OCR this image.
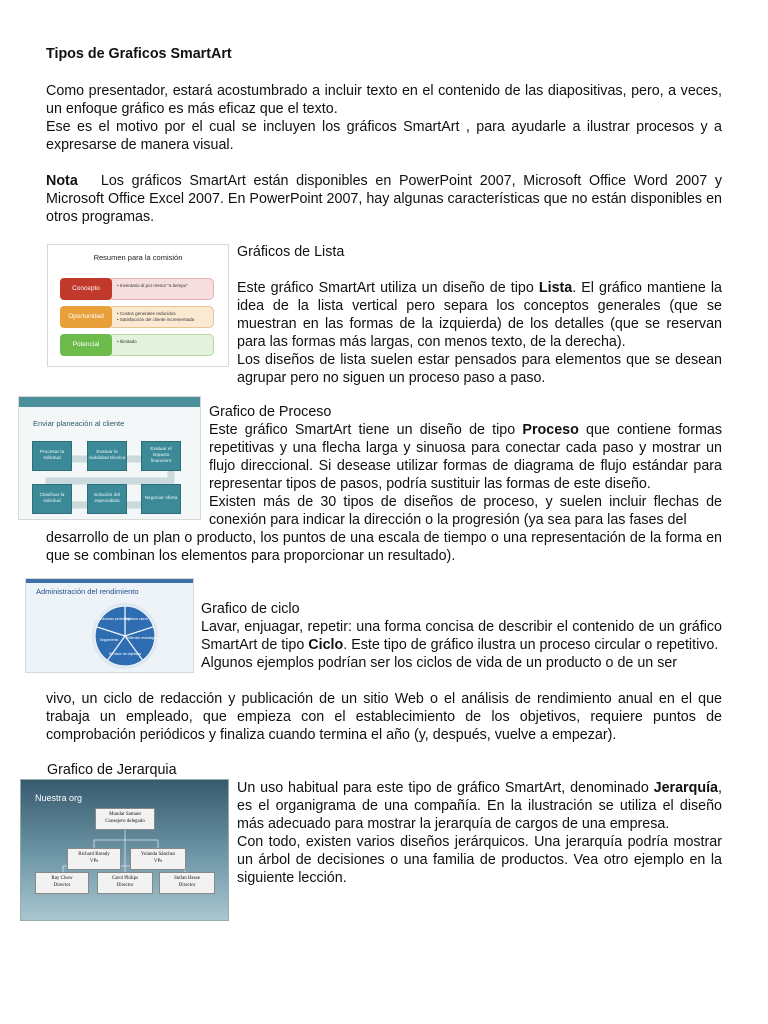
Tipos de Graficos SmartArt

Como presentador, estará acostumbrado a incluir texto en el contenido de las diapositivas, pero, a veces, un enfoque gráfico es más eficaz que el texto.

Ese es el motivo por el cual se incluyen los gráficos SmartArt , para ayudarle a ilustrar procesos y a expresarse de manera visual.

Nota Los gráficos SmartArt están disponibles en PowerPoint 2007, Microsoft Office Word 2007 y Microsoft Office Excel 2007. En PowerPoint 2007, hay algunas características que no están disponibles en otros programas.
Resumen para la comisión
• Inventario al por menor "a tiempo"
Concepto
• Costos generales reducidos
• Satisfacción del cliente incrementada
Oportunidad
• Ilimitado
Potencial
Gráficos de Lista

Este gráfico SmartArt utiliza un diseño de tipo Lista. El gráfico mantiene la idea de la lista vertical pero separa los conceptos generales (que se muestran en las formas de la izquierda) de los detalles (que se reservan para las formas más largas, con menos texto, de la derecha).

Los diseños de lista suelen estar pensados para elementos que se desean agrupar pero no siguen un proceso paso a paso.

Enviar planeación al cliente
Procesar la solicitud
Evaluar la viabilidad técnica
Evaluar el impacto financiero
Clasificar la solicitud
Solución del especialista
Negociar oferta
Grafico de Proceso

Este gráfico SmartArt tiene un diseño de tipo Proceso que contiene formas repetitivas y una flecha larga y sinuosa para conectar cada paso y mostrar un flujo direccional. Si desease utilizar formas de diagrama de flujo estándar para representar tipos de pasos, podría sustituir las formas de este diseño.

Existen más de 30 tipos de diseños de proceso, y suelen incluir flechas de conexión para indicar la dirección o la progresión (ya sea para las fases del

desarrollo de un plan o producto, los puntos de una escala de tiempo o una representación de la forma en que se combinan los elementos para proporcionar un resultado).
Administración del rendimiento
Objetivos claros
Reflexión estratégica
Revisión de objetivos
Seguimiento
Revisiones periódicas
Grafico de ciclo

Lavar, enjuagar, repetir: una forma concisa de describir el contenido de un gráfico SmartArt de tipo Ciclo. Este tipo de gráfico ilustra un proceso circular o repetitivo.

Algunos ejemplos podrían ser los ciclos de vida de un producto o de un ser

vivo, un ciclo de redacción y publicación de un sitio Web o el análisis de rendimiento anual en el que trabaja un empleado, que empieza con el establecimiento de los objetivos, requiere puntos de comprobación periódicos y finaliza cuando termina el año (y, después, vuelve a empezar).
Grafico de Jerarquia
Nuestra org
Mandar Samant
Consejero delegado
Richard Bready
VPs
Yolanda Sánchez
VPs
Ray Chow
Director
Carol Philips
Director
Stefan Hesse
Director

Un uso habitual para este tipo de gráfico SmartArt, denominado Jerarquía, es el organigrama de una compañía. En la ilustración se utiliza el diseño más adecuado para mostrar la jerarquía de cargos de una empresa.

Con todo, existen varios diseños jerárquicos. Una jerarquía podría mostrar un árbol de decisiones o una familia de productos. Vea otro ejemplo en la siguiente lección.
